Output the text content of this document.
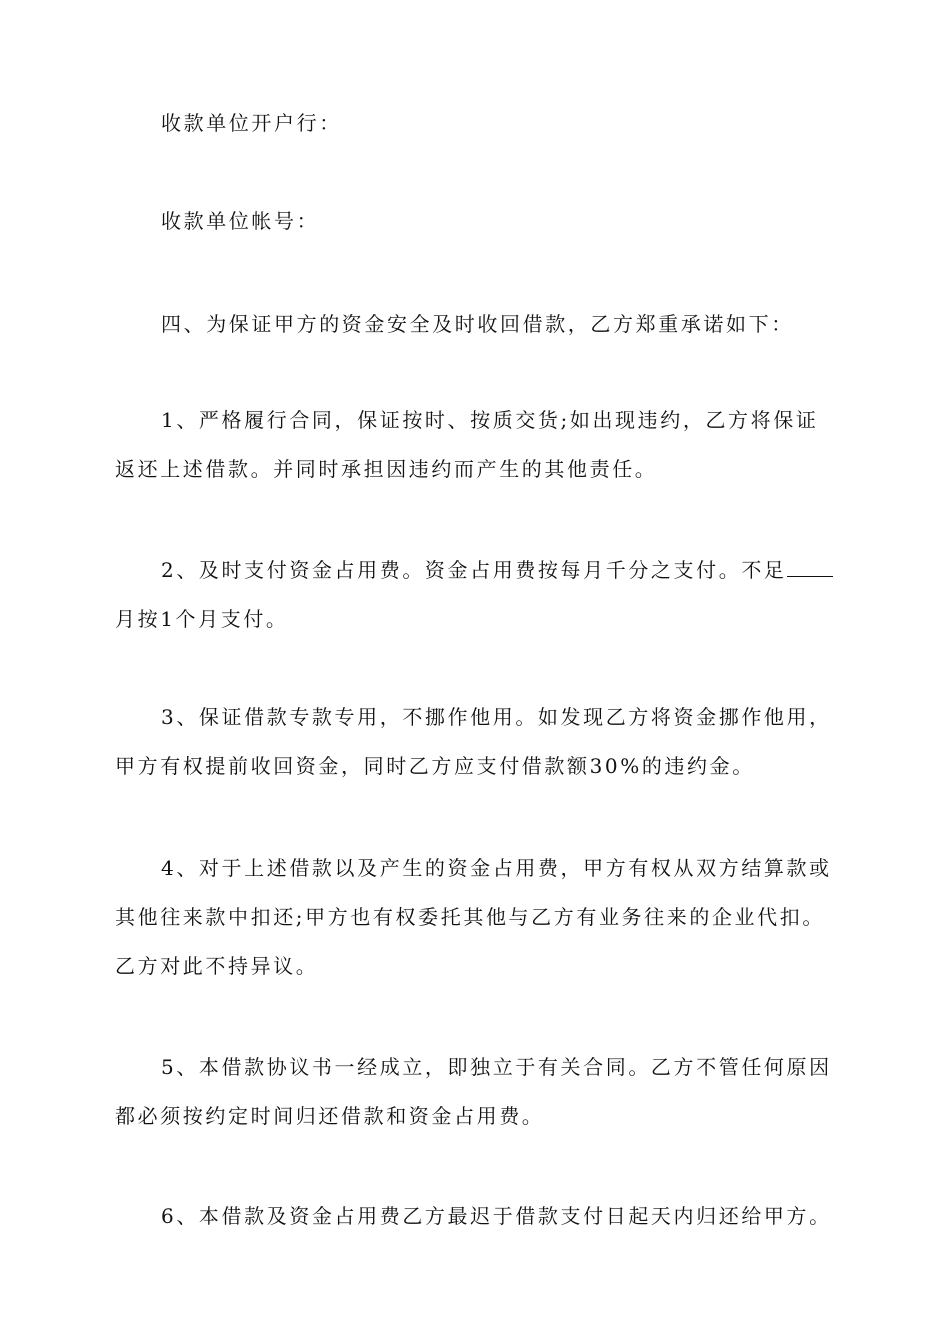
收款单位开户行：

收款单位帐号：

四、为保证甲方的资金安全及时收回借款，乙方郑重承诺如下：

1、严格履行合同，保证按时、按质交货;如出现违约，乙方将保证返还上述借款。并同时承担因违约而产生的其他责任。

2、及时支付资金占用费。资金占用费按每月千分之支付。不足月按1个月支付。

3、保证借款专款专用，不挪作他用。如发现乙方将资金挪作他用，甲方有权提前收回资金，同时乙方应支付借款额30%的违约金。

4、对于上述借款以及产生的资金占用费，甲方有权从双方结算款或其他往来款中扣还;甲方也有权委托其他与乙方有业务往来的企业代扣。乙方对此不持异议。

5、本借款协议书一经成立，即独立于有关合同。乙方不管任何原因都必须按约定时间归还借款和资金占用费。

6、本借款及资金占用费乙方最迟于借款支付日起天内归还给甲方。
